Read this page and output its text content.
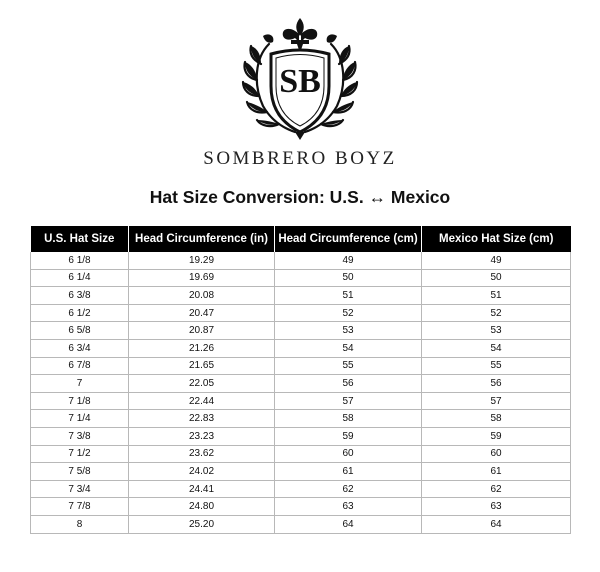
SB
SOMBRERO BOYZ
Hat Size Conversion: U.S. ↔ Mexico
U.S. Hat Size	Head Circumference (in)	Head Circumference (cm)	Mexico Hat Size (cm)
6 1/8	19.29	49	49
6 1/4	19.69	50	50
6 3/8	20.08	51	51
6 1/2	20.47	52	52
6 5/8	20.87	53	53
6 3/4	21.26	54	54
6 7/8	21.65	55	55
7	22.05	56	56
7 1/8	22.44	57	57
7 1/4	22.83	58	58
7 3/8	23.23	59	59
7 1/2	23.62	60	60
7 5/8	24.02	61	61
7 3/4	24.41	62	62
7 7/8	24.80	63	63
8	25.20	64	64
